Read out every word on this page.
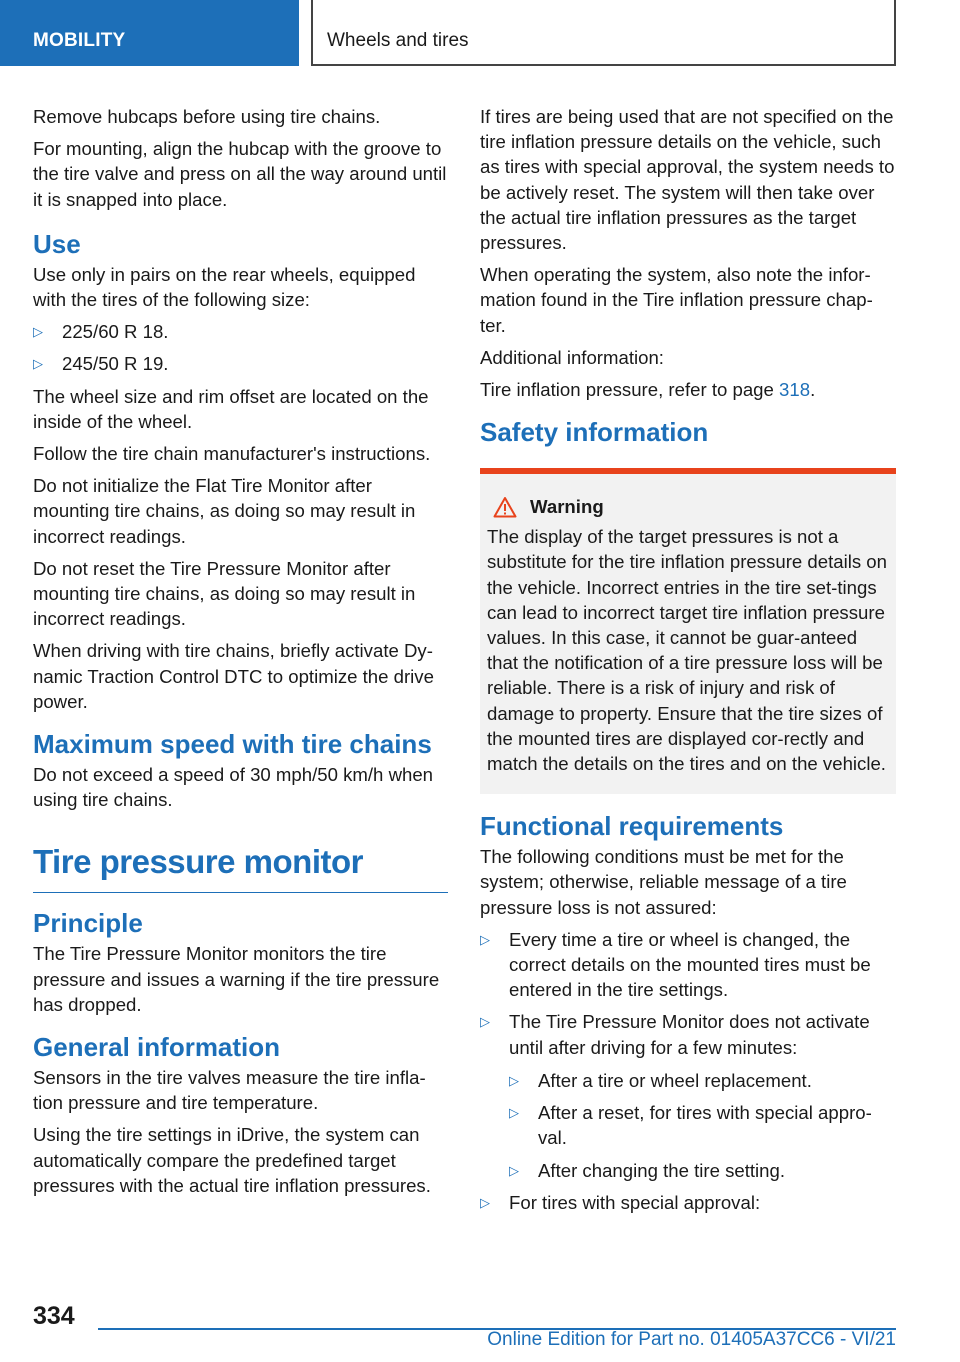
MOBILITY	Wheels and tires

Remove hubcaps before using tire chains.

For mounting, align the hubcap with the groove to the tire valve and press on all the way around until it is snapped into place.

Use

Use only in pairs on the rear wheels, equipped with the tires of the following size:

▷ 225/60 R 18.
▷ 245/50 R 19.

The wheel size and rim offset are located on the inside of the wheel.

Follow the tire chain manufacturer's instructions.

Do not initialize the Flat Tire Monitor after mounting tire chains, as doing so may result in incorrect readings.

Do not reset the Tire Pressure Monitor after mounting tire chains, as doing so may result in incorrect readings.

When driving with tire chains, briefly activate Dy-namic Traction Control DTC to optimize the drive power.

Maximum speed with tire chains

Do not exceed a speed of 30 mph/50 km/h when using tire chains.

Tire pressure monitor
Principle

The Tire Pressure Monitor monitors the tire pressure and issues a warning if the tire pressure has dropped.

General information

Sensors in the tire valves measure the tire infla-tion pressure and tire temperature.

Using the tire settings in iDrive, the system can automatically compare the predefined target pressures with the actual tire inflation pressures.

If tires are being used that are not specified on the tire inflation pressure details on the vehicle, such as tires with special approval, the system needs to be actively reset. The system will then take over the actual tire inflation pressures as the target pressures.

When operating the system, also note the infor-mation found in the Tire inflation pressure chap-ter.

Additional information:

Tire inflation pressure, refer to page 318.

Safety information
Warning

The display of the target pressures is not a substitute for the tire inflation pressure details on the vehicle. Incorrect entries in the tire set-tings can lead to incorrect target tire inflation pressure values. In this case, it cannot be guar-anteed that the notification of a tire pressure loss will be reliable. There is a risk of injury and risk of damage to property. Ensure that the tire sizes of the mounted tires are displayed cor-rectly and match the details on the tires and on the vehicle.

Functional requirements

The following conditions must be met for the system; otherwise, reliable message of a tire pressure loss is not assured:

▷ Every time a tire or wheel is changed, the correct details on the mounted tires must be entered in the tire settings.
▷ The Tire Pressure Monitor does not activate until after driving for a few minutes:
▷ After a tire or wheel replacement.
▷ After a reset, for tires with special appro-val.
▷ After changing the tire setting.
▷ For tires with special approval:
334
Online Edition for Part no. 01405A37CC6 - VI/21
